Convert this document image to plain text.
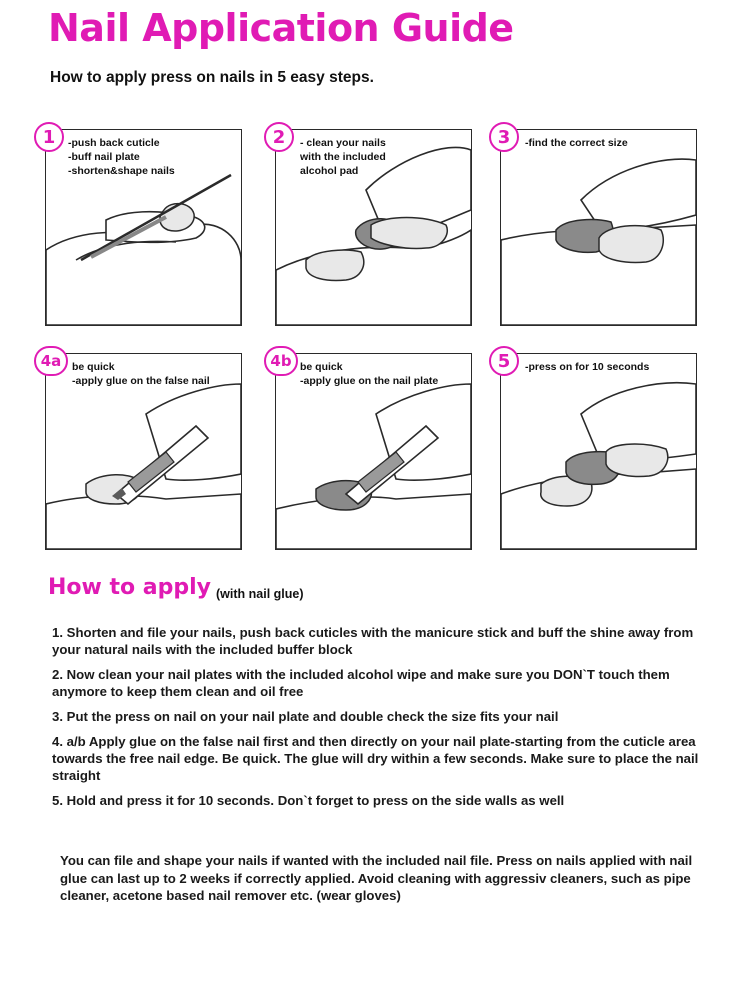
Nail Application Guide
How to apply press on nails in 5 easy steps.
-push back cuticle
-buff nail plate
-shorten&shape nails
1	- clean your nails
with the included
alcohol pad
2	-find the correct size
3
be quick
-apply glue on the false nail
4a	be quick
-apply glue on the nail plate
4b	-press on for 10 seconds
5
How to apply (with nail glue)
1. Shorten and file your nails, push back cuticles with the manicure stick and buff the shine away from your natural nails with the included buffer block
2. Now clean your nail plates with the included alcohol wipe and make sure you DON`T touch them anymore to keep them clean and oil free
3. Put the press on nail on your nail plate and double check the size fits your nail
4. a/b Apply glue on the false nail first and then directly on your nail plate-starting from the cuticle area towards the free nail edge. Be quick. The glue will dry within a few seconds. Make sure to place the nail straight
5. Hold and press it for 10 seconds. Don`t forget to press on the side walls as well
You can file and shape your nails if wanted with the included nail file. Press on nails applied with nail glue can last up to 2 weeks if correctly applied. Avoid cleaning with aggressiv cleaners, such as pipe cleaner, acetone based nail remover etc. (wear gloves)
